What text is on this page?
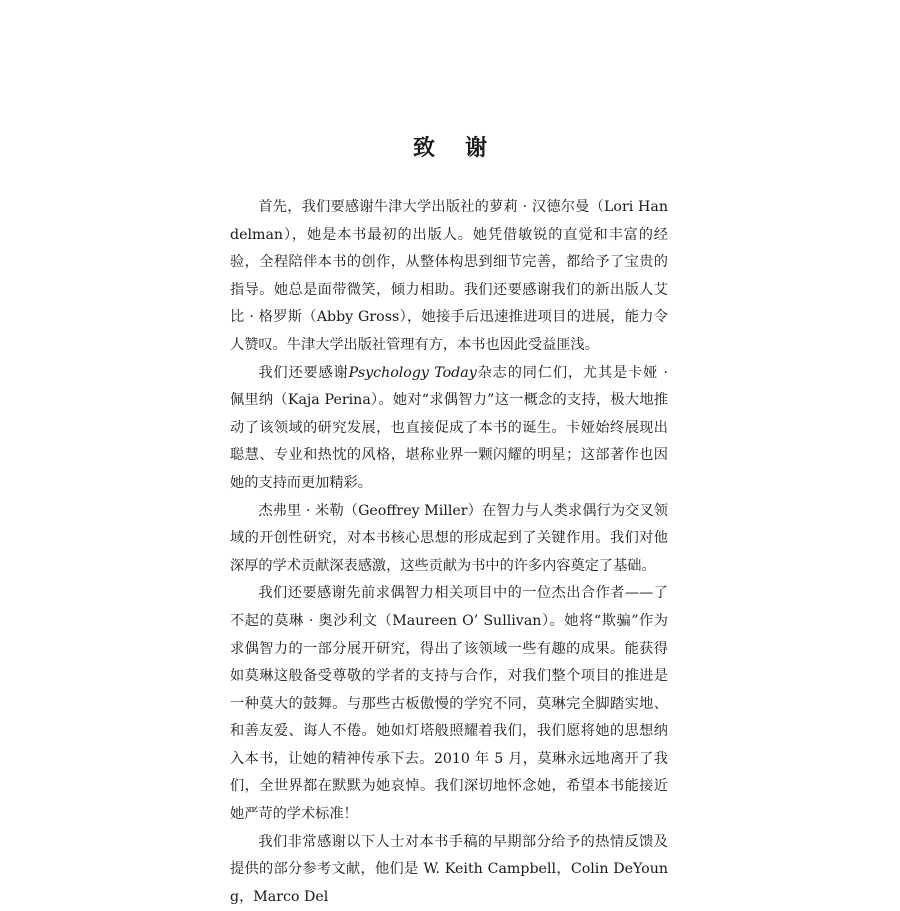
致谢

首先，我们要感谢牛津大学出版社的萝莉 · 汉德尔曼（Lori Handelman），她是本书最初的出版人。她凭借敏锐的直觉和丰富的经验，全程陪伴本书的创作，从整体构思到细节完善，都给予了宝贵的指导。她总是面带微笑，倾力相助。我们还要感谢我们的新出版人艾比 · 格罗斯（Abby Gross），她接手后迅速推进项目的进展，能力令人赞叹。牛津大学出版社管理有方，本书也因此受益匪浅。

我们还要感谢Psychology Today杂志的同仁们，尤其是卡娅 · 佩里纳（Kaja Perina）。她对“求偶智力”这一概念的支持，极大地推动了该领域的研究发展，也直接促成了本书的诞生。卡娅始终展现出聪慧、专业和热忱的风格，堪称业界一颗闪耀的明星；这部著作也因她的支持而更加精彩。

杰弗里 · 米勒（Geoffrey Miller）在智力与人类求偶行为交叉领域的开创性研究，对本书核心思想的形成起到了关键作用。我们对他深厚的学术贡献深表感激，这些贡献为书中的许多内容奠定了基础。

我们还要感谢先前求偶智力相关项目中的一位杰出合作者——了不起的莫琳 · 奥沙利文（Maureen O’ Sullivan）。她将“欺骗”作为求偶智力的一部分展开研究，得出了该领域一些有趣的成果。能获得如莫琳这般备受尊敬的学者的支持与合作，对我们整个项目的推进是一种莫大的鼓舞。与那些古板傲慢的学究不同，莫琳完全脚踏实地、和善友爱、诲人不倦。她如灯塔般照耀着我们，我们愿将她的思想纳入本书，让她的精神传承下去。2010 年 5 月，莫琳永远地离开了我们，全世界都在默默为她哀悼。我们深切地怀念她，希望本书能接近她严苛的学术标准！

我们非常感谢以下人士对本书手稿的早期部分给予的热情反馈及提供的部分参考文献，他们是 W. Keith Campbell，Colin DeYoung，Marco Del
